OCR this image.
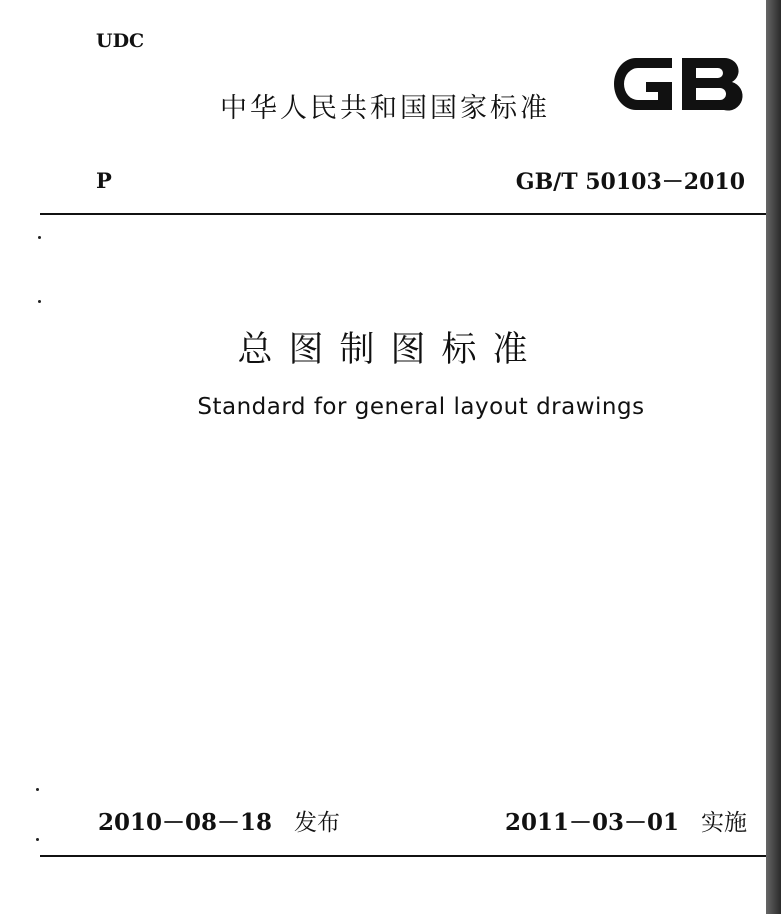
UDC
中华人民共和国国家标准
P	GB/T 50103－2010
总图制图标准
Standard for general layout drawings
2010－08－18 发布	2011－03－01 实施
